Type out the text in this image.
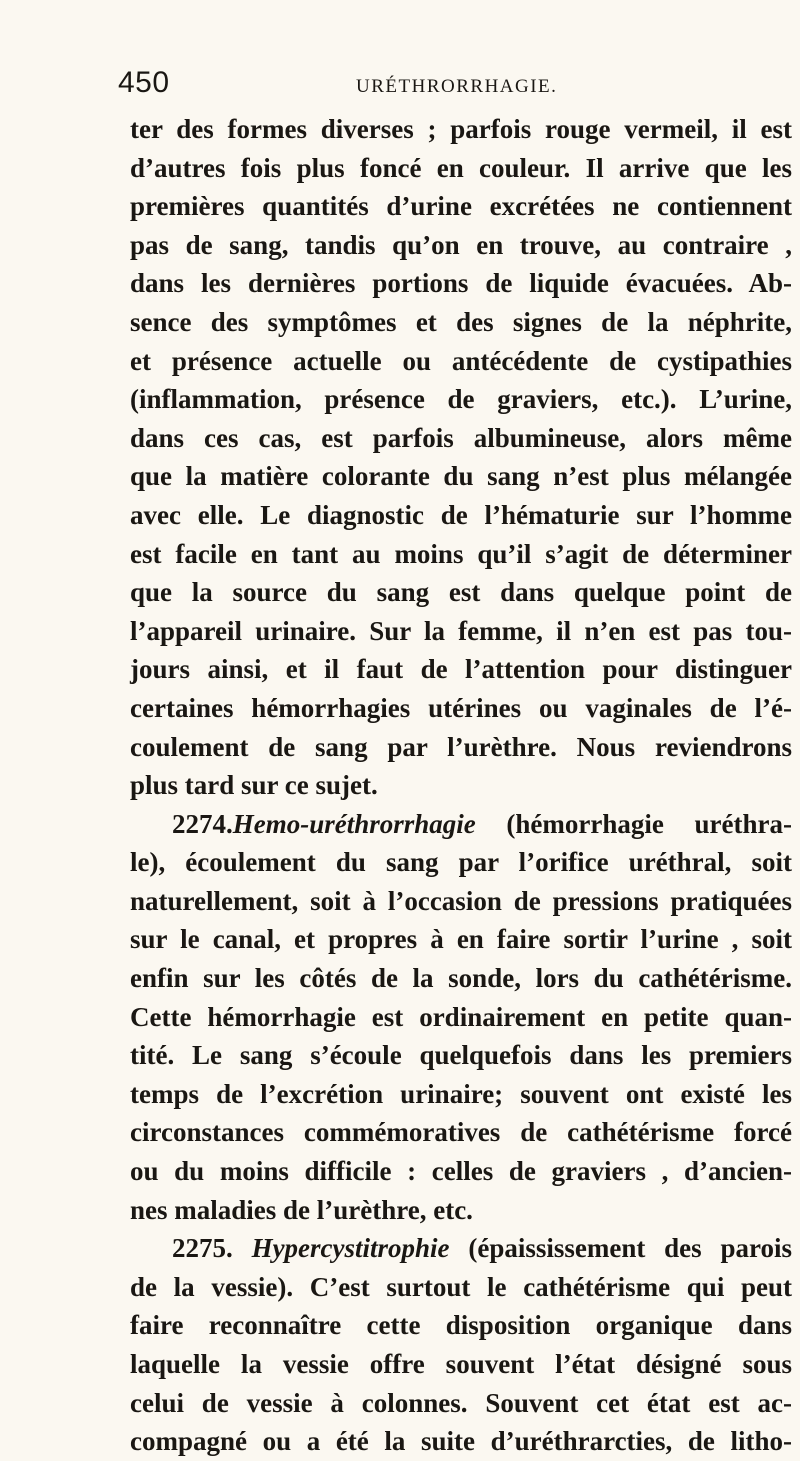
450	URÉTHRORRHAGIE.
ter des formes diverses ; parfois rouge vermeil, il est
d’autres fois plus foncé en couleur. Il arrive que les
premières quantités d’urine excrétées ne contiennent
pas de sang, tandis qu’on en trouve, au contraire ,
dans les dernières portions de liquide évacuées. Ab-
sence des symptômes et des signes de la néphrite,
et présence actuelle ou antécédente de cystipathies
(inflammation, présence de graviers, etc.). L’urine,
dans ces cas, est parfois albumineuse, alors même
que la matière colorante du sang n’est plus mélangée
avec elle. Le diagnostic de l’hématurie sur l’homme
est facile en tant au moins qu’il s’agit de déterminer
que la source du sang est dans quelque point de
l’appareil urinaire. Sur la femme, il n’en est pas tou-
jours ainsi, et il faut de l’attention pour distinguer
certaines hémorrhagies utérines ou vaginales de l’é-
coulement de sang par l’urèthre. Nous reviendrons
plus tard sur ce sujet.
2274.Hemo-uréthrorrhagie (hémorrhagie uréthra-
le), écoulement du sang par l’orifice uréthral, soit
naturellement, soit à l’occasion de pressions pratiquées
sur le canal, et propres à en faire sortir l’urine , soit
enfin sur les côtés de la sonde, lors du cathétérisme.
Cette hémorrhagie est ordinairement en petite quan-
tité. Le sang s’écoule quelquefois dans les premiers
temps de l’excrétion urinaire; souvent ont existé les
circonstances commémoratives de cathétérisme forcé
ou du moins difficile : celles de graviers , d’ancien-
nes maladies de l’urèthre, etc.
2275. Hypercystitrophie (épaississement des parois
de la vessie). C’est surtout le cathétérisme qui peut
faire reconnaître cette disposition organique dans
laquelle la vessie offre souvent l’état désigné sous
celui de vessie à colonnes. Souvent cet état est ac-
compagné ou a été la suite d’uréthrarcties, de litho-
